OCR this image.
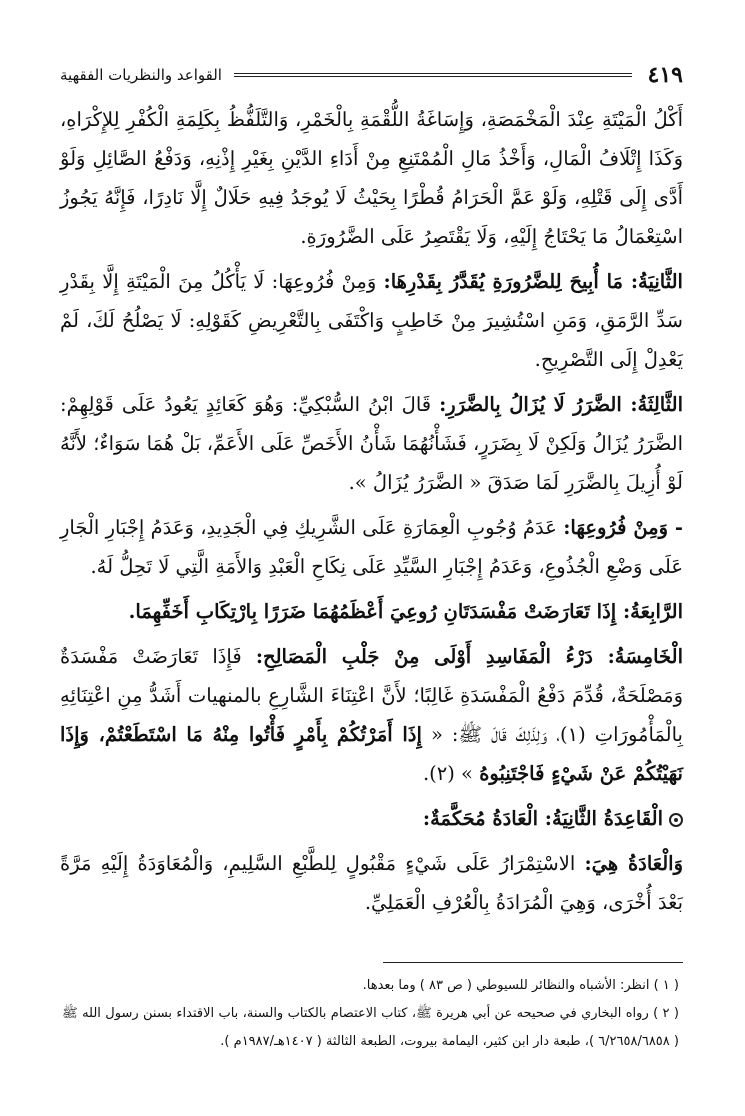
٤١٩
القواعد والنظريات الفقهية

أَكْلُ الْمَيْتَةِ عِنْدَ الْمَخْمَصَةِ، وَإِسَاغَةُ اللُّقْمَةِ بِالْخَمْرِ، وَالتَّلَفُّظُ بِكَلِمَةِ الْكُفْرِ لِلإِكْرَاهِ، وَكَذَا إِتْلَافُ الْمَالِ، وَأَخْذُ مَالِ الْمُمْتَنِعِ مِنْ أَدَاءِ الدَّيْنِ بِغَيْرِ إِذْنِهِ، وَدَفْعُ الصَّائِلِ وَلَوْ أَدَّى إِلَى قَتْلِهِ، وَلَوْ عَمَّ الْحَرَامُ قُطْرًا بِحَيْثُ لَا يُوجَدُ فِيهِ حَلَالٌ إِلَّا نَادِرًا، فَإِنَّهُ يَجُوزُ اسْتِعْمَالُ مَا يَحْتَاجُ إِلَيْهِ، وَلَا يَقْتَصِرُ عَلَى الضَّرُورَةِ.

الثَّانِيَةُ: مَا أُبِيحَ لِلضَّرُورَةِ يُقَدَّرُ بِقَدْرِهَا: وَمِنْ فُرُوعِهَا: لَا يَأْكُلُ مِنَ الْمَيْتَةِ إِلَّا بِقَدْرِ سَدِّ الرَّمَقِ، وَمَنِ اسْتُشِيرَ مِنْ خَاطِبٍ وَاكْتَفَى بِالتَّعْرِيضِ كَقَوْلِهِ: لَا يَصْلُحُ لَكَ، لَمْ يَعْدِلْ إِلَى التَّصْرِيحِ.

الثَّالِثَةُ: الضَّرَرُ لَا يُزَالُ بِالضَّرَرِ: قَالَ ابْنُ السُّبْكِيِّ: وَهُوَ كَعَائِدٍ يَعُودُ عَلَى قَوْلِهِمْ: الضَّرَرُ يُزَالُ وَلَكِنْ لَا بِضَرَرٍ، فَشَأْنُهُمَا شَأْنُ الأَخَصِّ عَلَى الأَعَمِّ، بَلْ هُمَا سَوَاءٌ؛ لأَنَّهُ لَوْ أُزِيلَ بِالضَّرَرِ لَمَا صَدَقَ « الضَّرَرُ يُزَالُ ».

- وَمِنْ فُرُوعِهَا: عَدَمُ وُجُوبِ الْعِمَارَةِ عَلَى الشَّرِيكِ فِي الْجَدِيدِ، وَعَدَمُ إِجْبَارِ الْجَارِ عَلَى وَضْعِ الْجُذُوعِ، وَعَدَمُ إِجْبَارِ السَّيِّدِ عَلَى نِكَاحِ الْعَبْدِ وَالأَمَةِ الَّتِي لَا تَحِلُّ لَهُ.

الرَّابِعَةُ: إِذَا تَعَارَضَتْ مَفْسَدَتَانِ رُوعِيَ أَعْظَمُهُمَا ضَرَرًا بِارْتِكَابِ أَخَفِّهِمَا.

الْخَامِسَةُ: دَرْءُ الْمَفَاسِدِ أَوْلَى مِنْ جَلْبِ الْمَصَالِحِ: فَإِذَا تَعَارَضَتْ مَفْسَدَةٌ وَمَصْلَحَةٌ، قُدِّمَ دَفْعُ الْمَفْسَدَةِ غَالِبًا؛ لأَنَّ اعْتِنَاءَ الشَّارِعِ بالمنهيات أَشَدُّ مِنِ اعْتِنَائِهِ بِالْمَأْمُورَاتِ (١)، وَلِذَلِكَ قَالَ ﷺ: « إِذَا أَمَرْتُكُمْ بِأَمْرٍ فَأْتُوا مِنْهُ مَا اسْتَطَعْتُمْ، وَإِذَا نَهَيْتُكُمْ عَنْ شَيْءٍ فَاجْتَنِبُوهُ » (٢).

الْقَاعِدَةُ الثَّانِيَةُ: الْعَادَةُ مُحَكَّمَةٌ:

وَالْعَادَةُ هِيَ: الاسْتِمْرَارُ عَلَى شَيْءٍ مَقْبُولٍ لِلطَّبْعِ السَّلِيمِ، وَالْمُعَاوَدَةُ إِلَيْهِ مَرَّةً بَعْدَ أُخْرَى، وَهِيَ الْمُرَادَةُ بِالْعُرْفِ الْعَمَلِيِّ.

( ١ ) انظر: الأشباه والنظائر للسيوطي ( ص ٨٣ ) وما بعدها.

( ٢ ) رواه البخاري في صحيحه عن أبي هريرة ﷺ، كتاب الاعتصام بالكتاب والسنة، باب الاقتداء بسنن رسول الله ﷺ ( ٦/٢٦٥٨/٦٨٥٨ )، طبعة دار ابن كثير، اليمامة بيروت، الطبعة الثالثة ( ١٤٠٧هـ/١٩٨٧م ).
